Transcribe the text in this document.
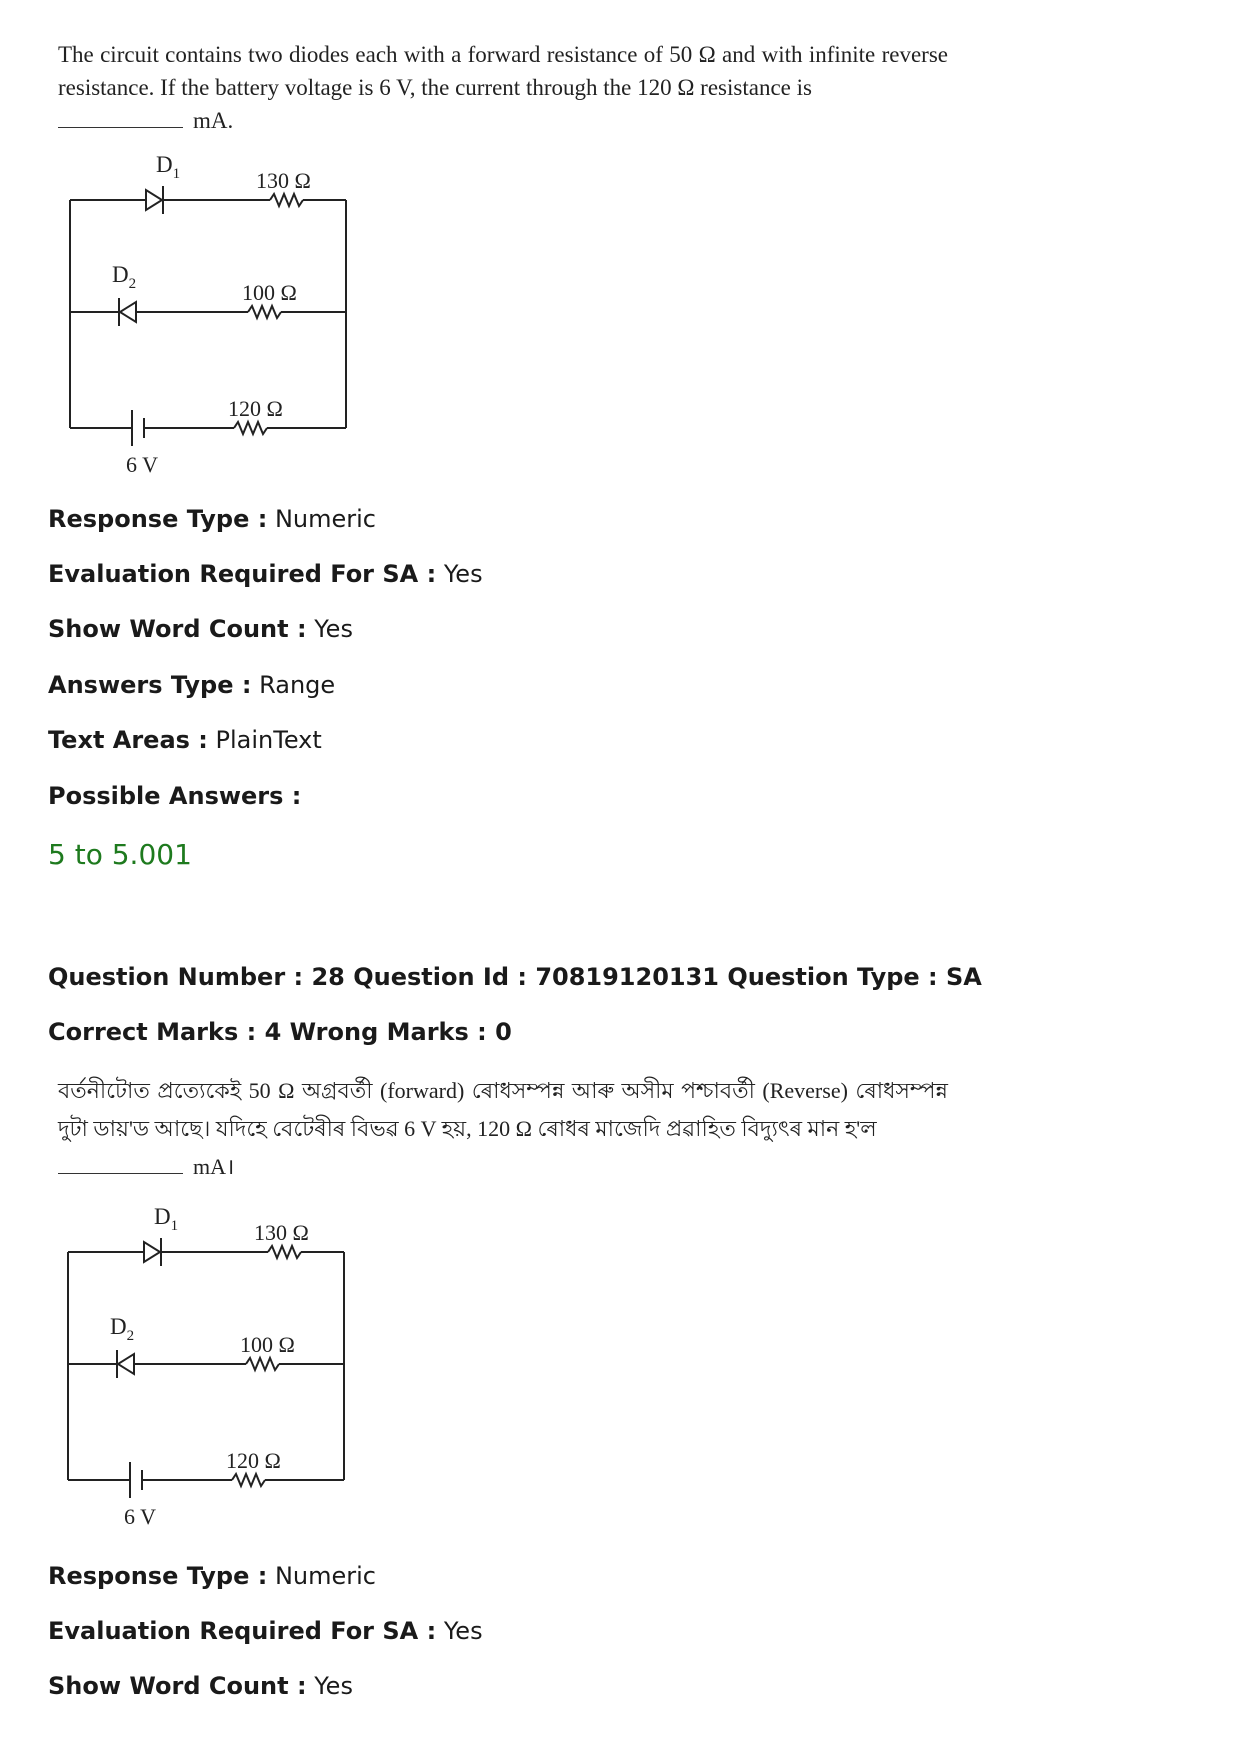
The circuit contains two diodes each with a forward resistance of 50 Ω and with infinite reverse resistance. If the battery voltage is 6 V, the current through the 120 Ω resistance is
mA.
$D_1$	130 Ω
$D_2$	100 Ω
120 Ω
6 V
Response Type : Numeric
Evaluation Required For SA : Yes
Show Word Count : Yes
Answers Type : Range
Text Areas : PlainText
Possible Answers :
5 to 5.001
Question Number : 28 Question Id : 70819120131 Question Type : SA
Correct Marks : 4 Wrong Marks : 0
বৰ্তনীটোত প্ৰত্যেকেই 50 Ω অগ্ৰবৰ্তী (forward) ৰোধসম্পন্ন আৰু অসীম পশ্চাবৰ্তী (Reverse) ৰোধসম্পন্ন দুটা ডায়'ড আছে। যদিহে বেটেৰীৰ বিভৱ 6 V হয়, 120 Ω ৰোধৰ মাজেদি প্ৰৱাহিত বিদ্যুৎৰ মান হ'ল
mA।
$D_1$	130 Ω
$D_2$	100 Ω
120 Ω
6 V
Response Type : Numeric
Evaluation Required For SA : Yes
Show Word Count : Yes
